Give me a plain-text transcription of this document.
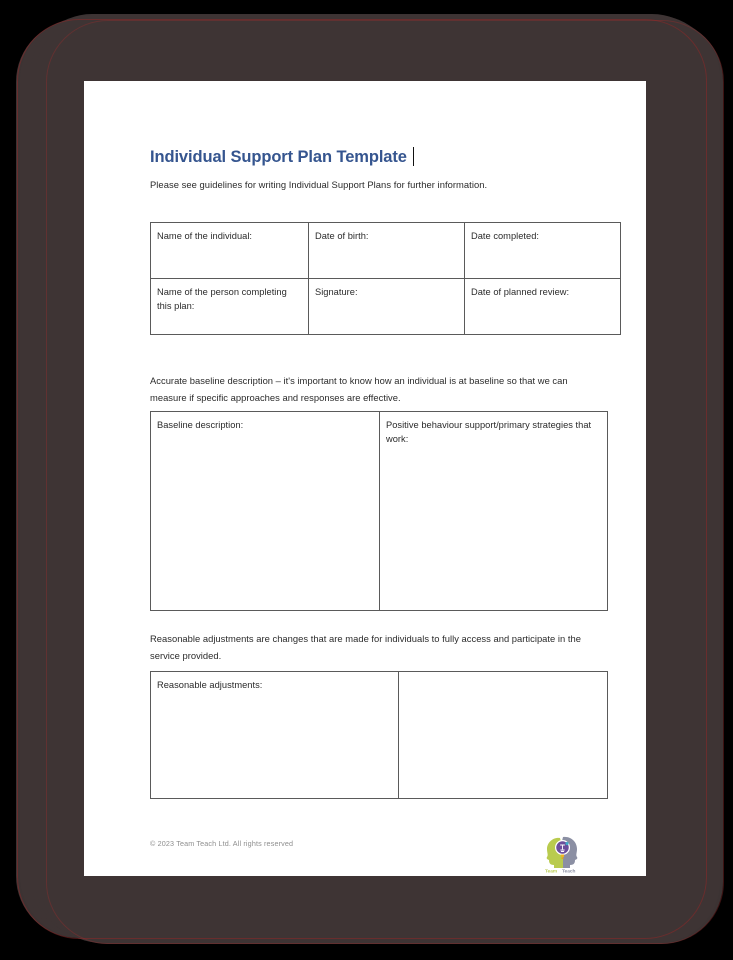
Individual Support Plan Template
Please see guidelines for writing Individual Support Plans for further information.
Name of the individual:	Date of birth:	Date completed:
Name of the person completing this plan:	Signature:	Date of planned review:
Accurate baseline description – it's important to know how an individual is at baseline so that we can measure if specific approaches and responses are effective.
Baseline description:	Positive behaviour support/primary strategies that work:
Reasonable adjustments are changes that are made for individuals to fully access and participate in the service provided.
Reasonable adjustments:	
© 2023 Team Teach Ltd. All rights reserved
Team Teach
